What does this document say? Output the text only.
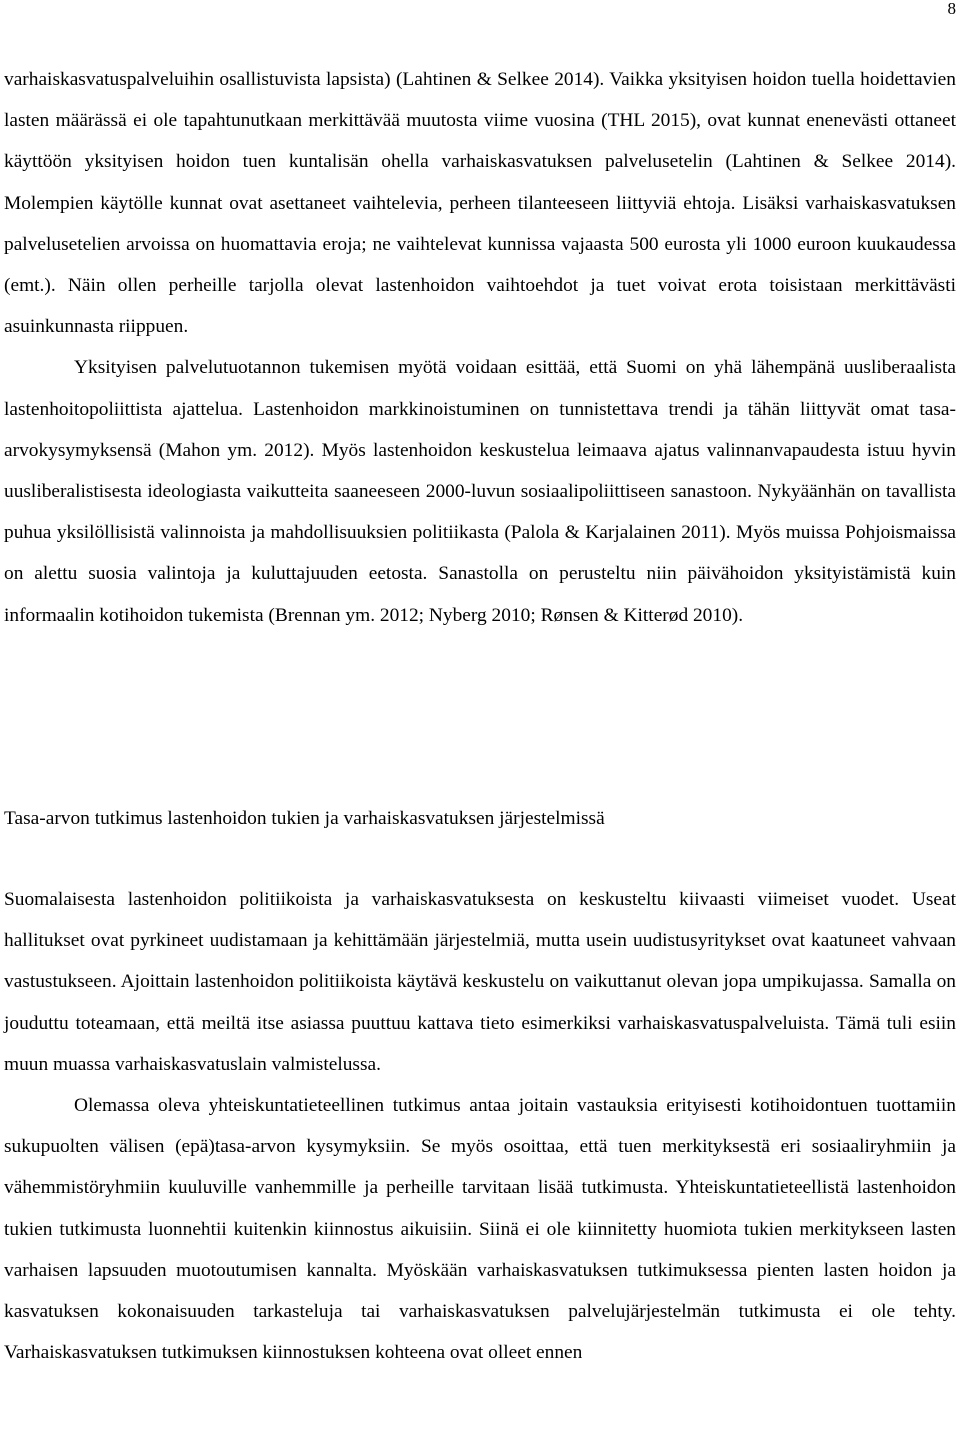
8

varhaiskasvatuspalveluihin osallistuvista lapsista) (Lahtinen & Selkee 2014). Vaikka yksityisen hoidon tuella hoidettavien lasten määrässä ei ole tapahtunutkaan merkittävää muutosta viime vuosina (THL 2015), ovat kunnat enenevästi ottaneet käyttöön yksityisen hoidon tuen kuntalisän ohella varhaiskasvatuksen palvelusetelin (Lahtinen & Selkee 2014). Molempien käytölle kunnat ovat asettaneet vaihtelevia, perheen tilanteeseen liittyviä ehtoja. Lisäksi varhaiskasvatuksen palvelusetelien arvoissa on huomattavia eroja; ne vaihtelevat kunnissa vajaasta 500 eurosta yli 1000 euroon kuukaudessa (emt.). Näin ollen perheille tarjolla olevat lastenhoidon vaihtoehdot ja tuet voivat erota toisistaan merkittävästi asuinkunnasta riippuen.

Yksityisen palvelutuotannon tukemisen myötä voidaan esittää, että Suomi on yhä lähempänä uusliberaalista lastenhoitopoliittista ajattelua. Lastenhoidon markkinoistuminen on tunnistettava trendi ja tähän liittyvät omat tasa-arvokysymyksensä (Mahon ym. 2012). Myös lastenhoidon keskustelua leimaava ajatus valinnanvapaudesta istuu hyvin uusliberalistisesta ideologiasta vaikutteita saaneeseen 2000-luvun sosiaalipoliittiseen sanastoon. Nykyäänhän on tavallista puhua yksilöllisistä valinnoista ja mahdollisuuksien politiikasta (Palola & Karjalainen 2011). Myös muissa Pohjoismaissa on alettu suosia valintoja ja kuluttajuuden eetosta. Sanastolla on perusteltu niin päivähoidon yksityistämistä kuin informaalin kotihoidon tukemista (Brennan ym. 2012; Nyberg 2010; Rønsen & Kitterød 2010).

Tasa-arvon tutkimus lastenhoidon tukien ja varhaiskasvatuksen järjestelmissä

Suomalaisesta lastenhoidon politiikoista ja varhaiskasvatuksesta on keskusteltu kiivaasti viimeiset vuodet. Useat hallitukset ovat pyrkineet uudistamaan ja kehittämään järjestelmiä, mutta usein uudistusyritykset ovat kaatuneet vahvaan vastustukseen. Ajoittain lastenhoidon politiikoista käytävä keskustelu on vaikuttanut olevan jopa umpikujassa. Samalla on jouduttu toteamaan, että meiltä itse asiassa puuttuu kattava tieto esimerkiksi varhaiskasvatuspalveluista. Tämä tuli esiin muun muassa varhaiskasvatuslain valmistelussa.

Olemassa oleva yhteiskuntatieteellinen tutkimus antaa joitain vastauksia erityisesti kotihoidontuen tuottamiin sukupuolten välisen (epä)tasa-arvon kysymyksiin. Se myös osoittaa, että tuen merkityksestä eri sosiaaliryhmiin ja vähemmistöryhmiin kuuluville vanhemmille ja perheille tarvitaan lisää tutkimusta. Yhteiskuntatieteellistä lastenhoidon tukien tutkimusta luonnehtii kuitenkin kiinnostus aikuisiin. Siinä ei ole kiinnitetty huomiota tukien merkitykseen lasten varhaisen lapsuuden muotoutumisen kannalta. Myöskään varhaiskasvatuksen tutkimuksessa pienten lasten hoidon ja kasvatuksen kokonaisuuden tarkasteluja tai varhaiskasvatuksen palvelujärjestelmän tutkimusta ei ole tehty. Varhaiskasvatuksen tutkimuksen kiinnostuksen kohteena ovat olleet ennen
